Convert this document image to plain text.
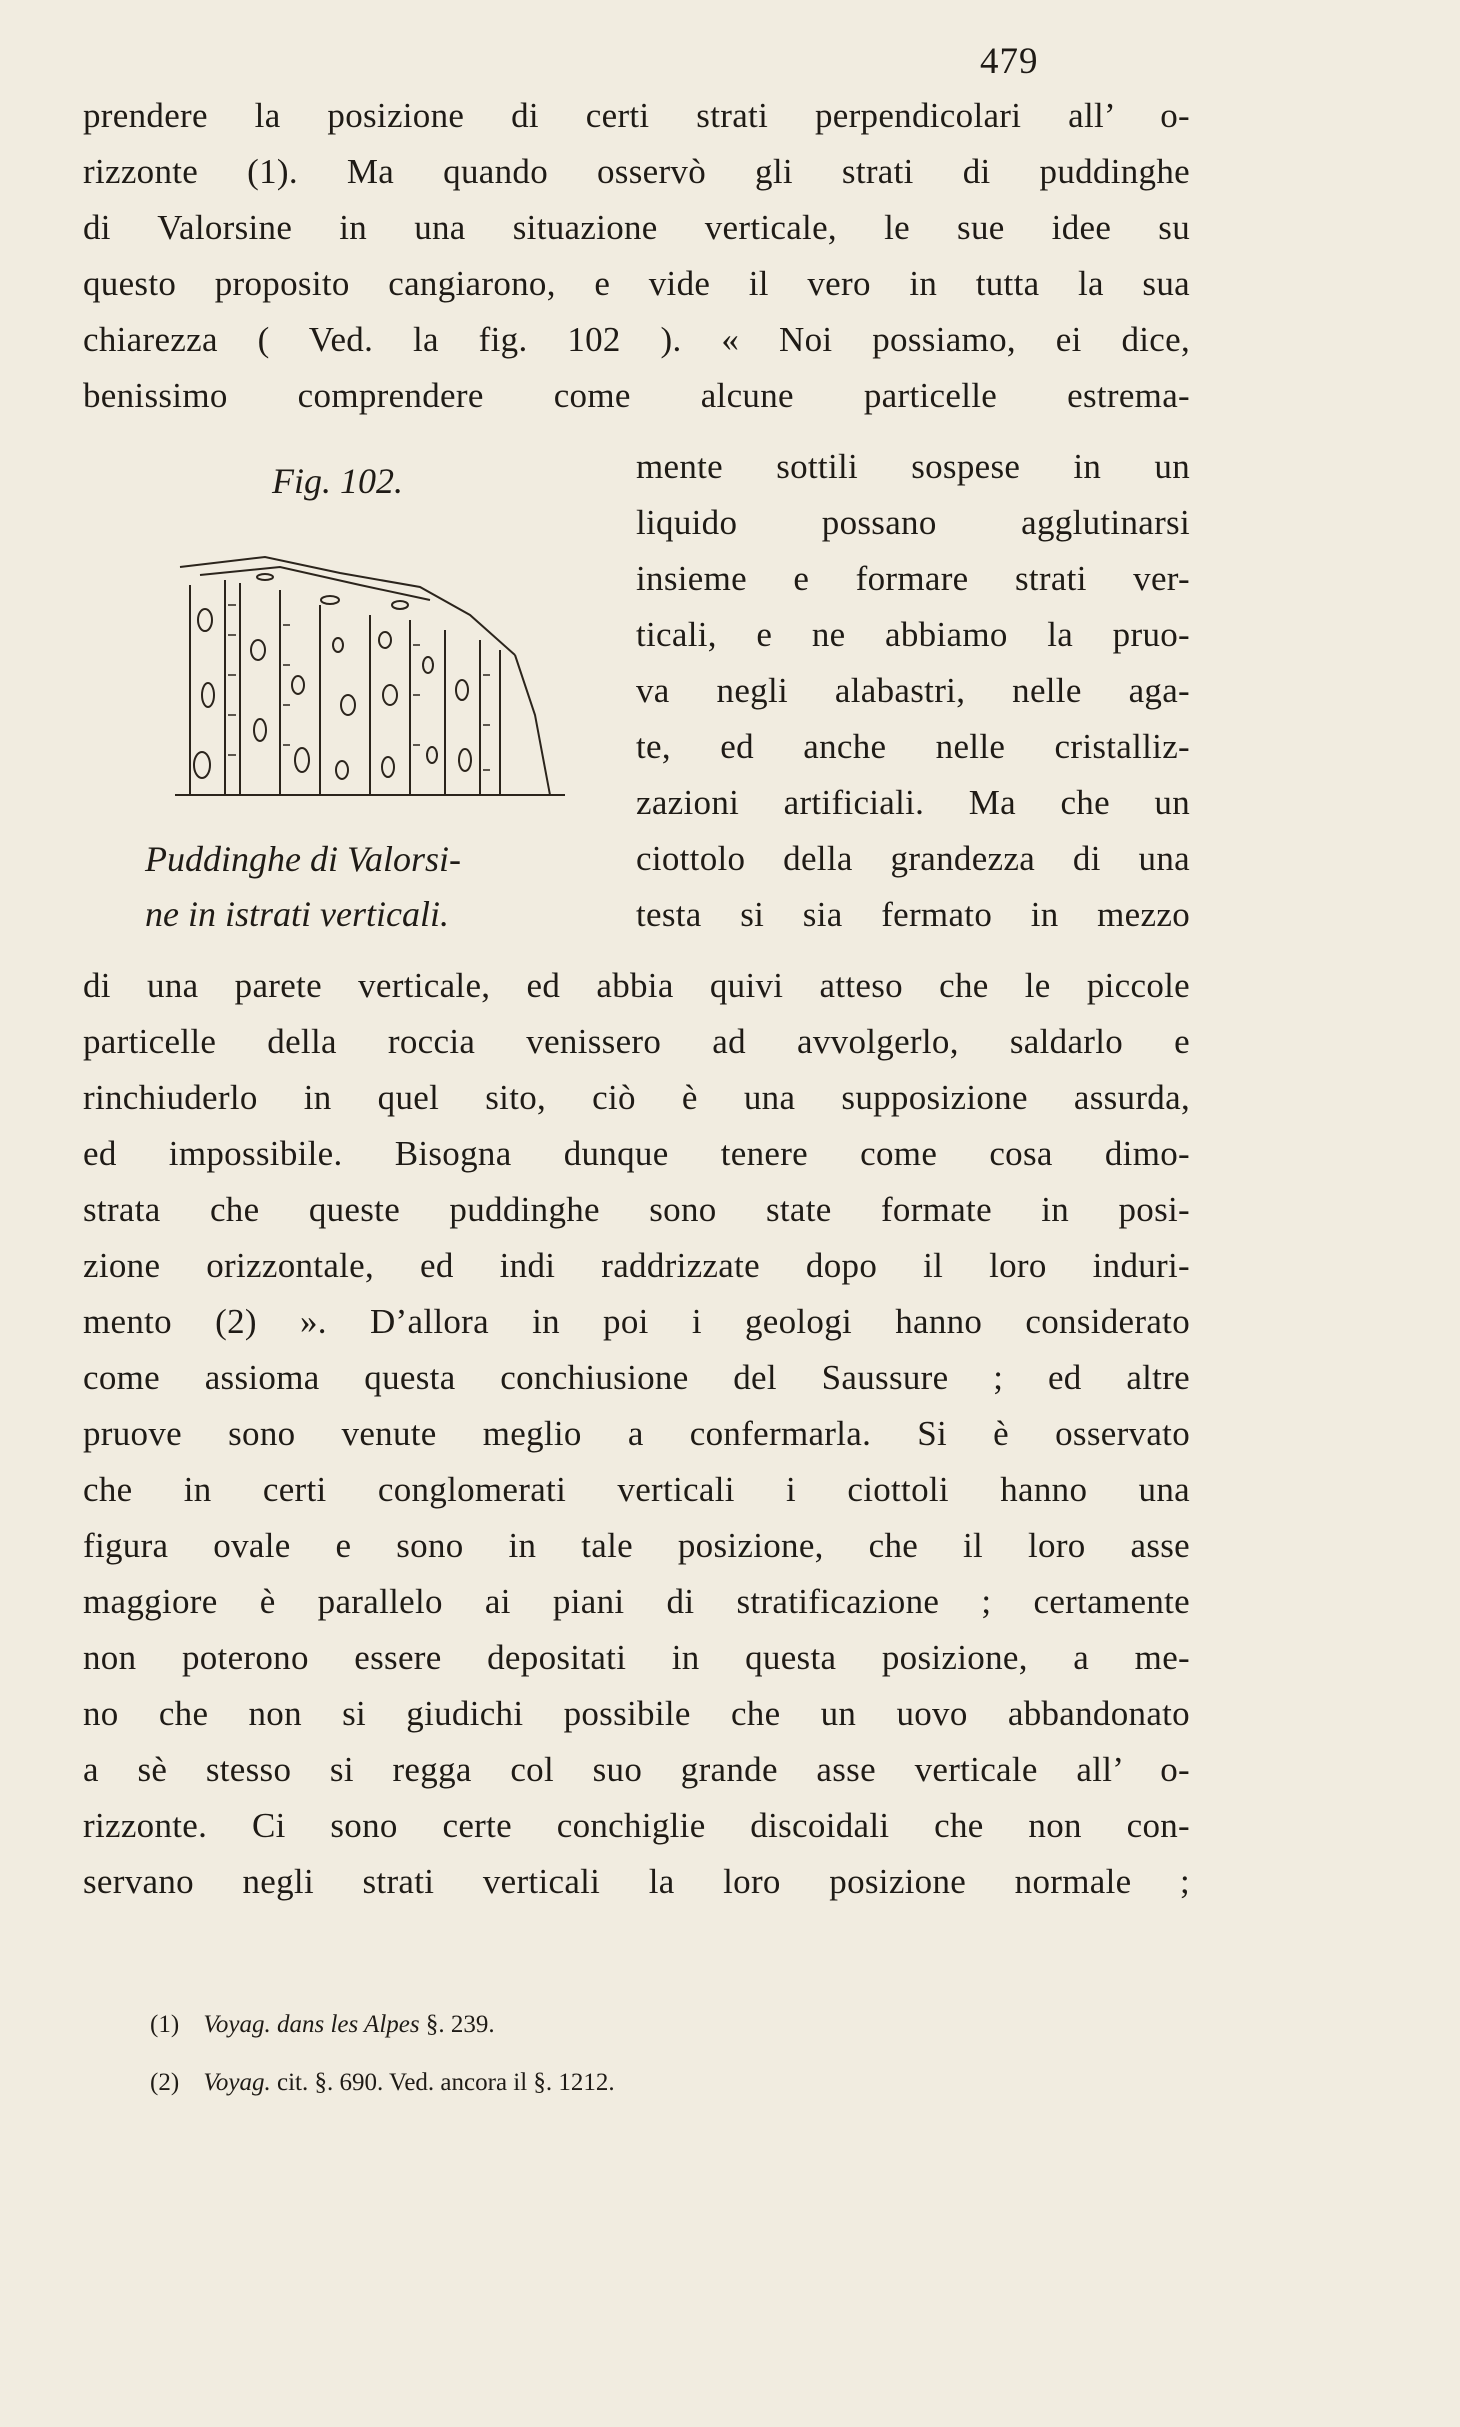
479
prendere la posizione di certi strati perpendicolari all’ o-
rizzonte (1). Ma quando osservò gli strati di puddinghe
di Valorsine in una situazione verticale, le sue idee su
questo proposito cangiarono, e vide il vero in tutta la sua
chiarezza ( Ved. la fig. 102 ). « Noi possiamo, ei dice,
benissimo comprendere come alcune particelle estrema-
Fig. 102.
Puddinghe di Valorsi-
ne in istrati verticali.
mente sottili sospese in un
liquido possano agglutinarsi
insieme e formare strati ver-
ticali, e ne abbiamo la pruo-
va negli alabastri, nelle aga-
te, ed anche nelle cristalliz-
zazioni artificiali. Ma che un
ciottolo della grandezza di una
testa si sia fermato in mezzo
di una parete verticale, ed abbia quivi atteso che le piccole
particelle della roccia venissero ad avvolgerlo, saldarlo e
rinchiuderlo in quel sito, ciò è una supposizione assurda,
ed impossibile. Bisogna dunque tenere come cosa dimo-
strata che queste puddinghe sono state formate in posi-
zione orizzontale, ed indi raddrizzate dopo il loro induri-
mento (2) ». D’allora in poi i geologi hanno considerato
come assioma questa conchiusione del Saussure ; ed altre
pruove sono venute meglio a confermarla. Si è osservato
che in certi conglomerati verticali i ciottoli hanno una
figura ovale e sono in tale posizione, che il loro asse
maggiore è parallelo ai piani di stratificazione ; certamente
non poterono essere depositati in questa posizione, a me-
no che non si giudichi possibile che un uovo abbandonato
a sè stesso si regga col suo grande asse verticale all’ o-
rizzonte. Ci sono certe conchiglie discoidali che non con-
servano negli strati verticali la loro posizione normale ;
(1) Voyag. dans les Alpes §. 239.
(2) Voyag. cit. §. 690. Ved. ancora il §. 1212.
